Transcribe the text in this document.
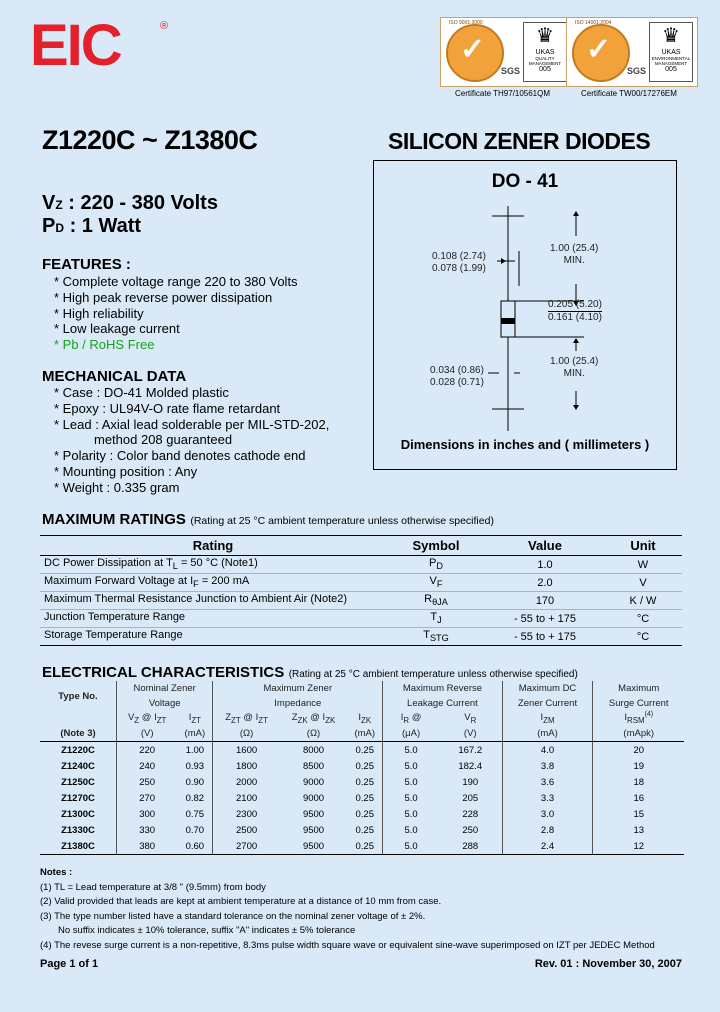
EIC	®
✓	ISO 9001:2000
SGS
♛
UKAS
QUALITY MANAGEMENT
005
✓
ISO 14001:2004
SGS
♛
UKAS
ENVIRONMENTAL MANAGEMENT
005
Certificate TH97/10561QM	Certificate TW00/17276EM
Z1220C ~ Z1380C	SILICON ZENER DIODES
VZ : 220 - 380 Volts
PD : 1 Watt
DO - 41
0.108 (2.74)
0.078 (1.99)
1.00 (25.4)
MIN.
0.205 (5.20)
0.161 (4.10)
0.034 (0.86)
0.028 (0.71)
1.00 (25.4)
MIN.
Dimensions in inches and ( millimeters )
FEATURES :
* Complete voltage range 220 to 380 Volts
* High peak reverse power dissipation
* High reliability
* Low leakage current
* Pb / RoHS Free
MECHANICAL DATA
* Case : DO-41 Molded plastic
* Epoxy : UL94V-O rate flame retardant
* Lead : Axial lead solderable per MIL-STD-202,
method 208 guaranteed
* Polarity : Color band denotes cathode end
* Mounting position : Any
* Weight : 0.335 gram
MAXIMUM RATINGS (Rating at 25 °C ambient temperature unless otherwise specified)
Rating	Symbol	Value	Unit
DC Power Dissipation at $T_L = 50$ °C (Note1)	$P_D$	1.0	W
Maximum Forward Voltage at $I_F = 200$ mA	$V_F$	2.0	V
Maximum Thermal Resistance Junction to Ambient Air (Note2)	$R_{\theta JA}$	170	K / W
Junction Temperature Range	$T_J$	- 55 to + 175	°C
Storage Temperature Range	$T_{STG}$	- 55 to + 175	°C
ELECTRICAL CHARACTERISTICS (Rating at 25 °C ambient temperature unless otherwise specified)
Type No.	Nominal Zener		Maximum Zener			Maximum Reverse		Maximum DC	Maximum
	Voltage		Impedance			Leakage Current		Zener Current	Surge Current
	$V_Z$ @ $I_{ZT}$	$I_{ZT}$	$Z_{ZT}$ @ $I_{ZT}$	$Z_{ZK}$ @ $I_{ZK}$	$I_{ZK}$	$I_R$ @	$V_R$	$I_{ZM}$	$I_{RSM}^{(4)}$
(Note 3)	(V)	(mA)	(Ω)	(Ω)	(mA)	(μA)	(V)	(mA)	(mApk)
Z1220C	220	1.00	1600	8000	0.25	5.0	167.2	4.0	20
Z1240C	240	0.93	1800	8500	0.25	5.0	182.4	3.8	19
Z1250C	250	0.90	2000	9000	0.25	5.0	190	3.6	18
Z1270C	270	0.82	2100	9000	0.25	5.0	205	3.3	16
Z1300C	300	0.75	2300	9500	0.25	5.0	228	3.0	15
Z1330C	330	0.70	2500	9500	0.25	5.0	250	2.8	13
Z1380C	380	0.60	2700	9500	0.25	5.0	288	2.4	12
Notes :
(1) TL = Lead temperature at 3/8 " (9.5mm) from body
(2) Valid provided that leads are kept at ambient temperature at a distance of 10 mm from case.
(3) The type number listed have a standard tolerance on the nominal zener voltage of ± 2%.
No suffix indicates ± 10% tolerance, suffix "A" indicates ± 5% tolerance
(4) The revese surge current is a non-repetitive, 8.3ms pulse width square wave or equivalent sine-wave superimposed on IZT per JEDEC Method
Page 1 of 1	Rev. 01 : November 30, 2007
